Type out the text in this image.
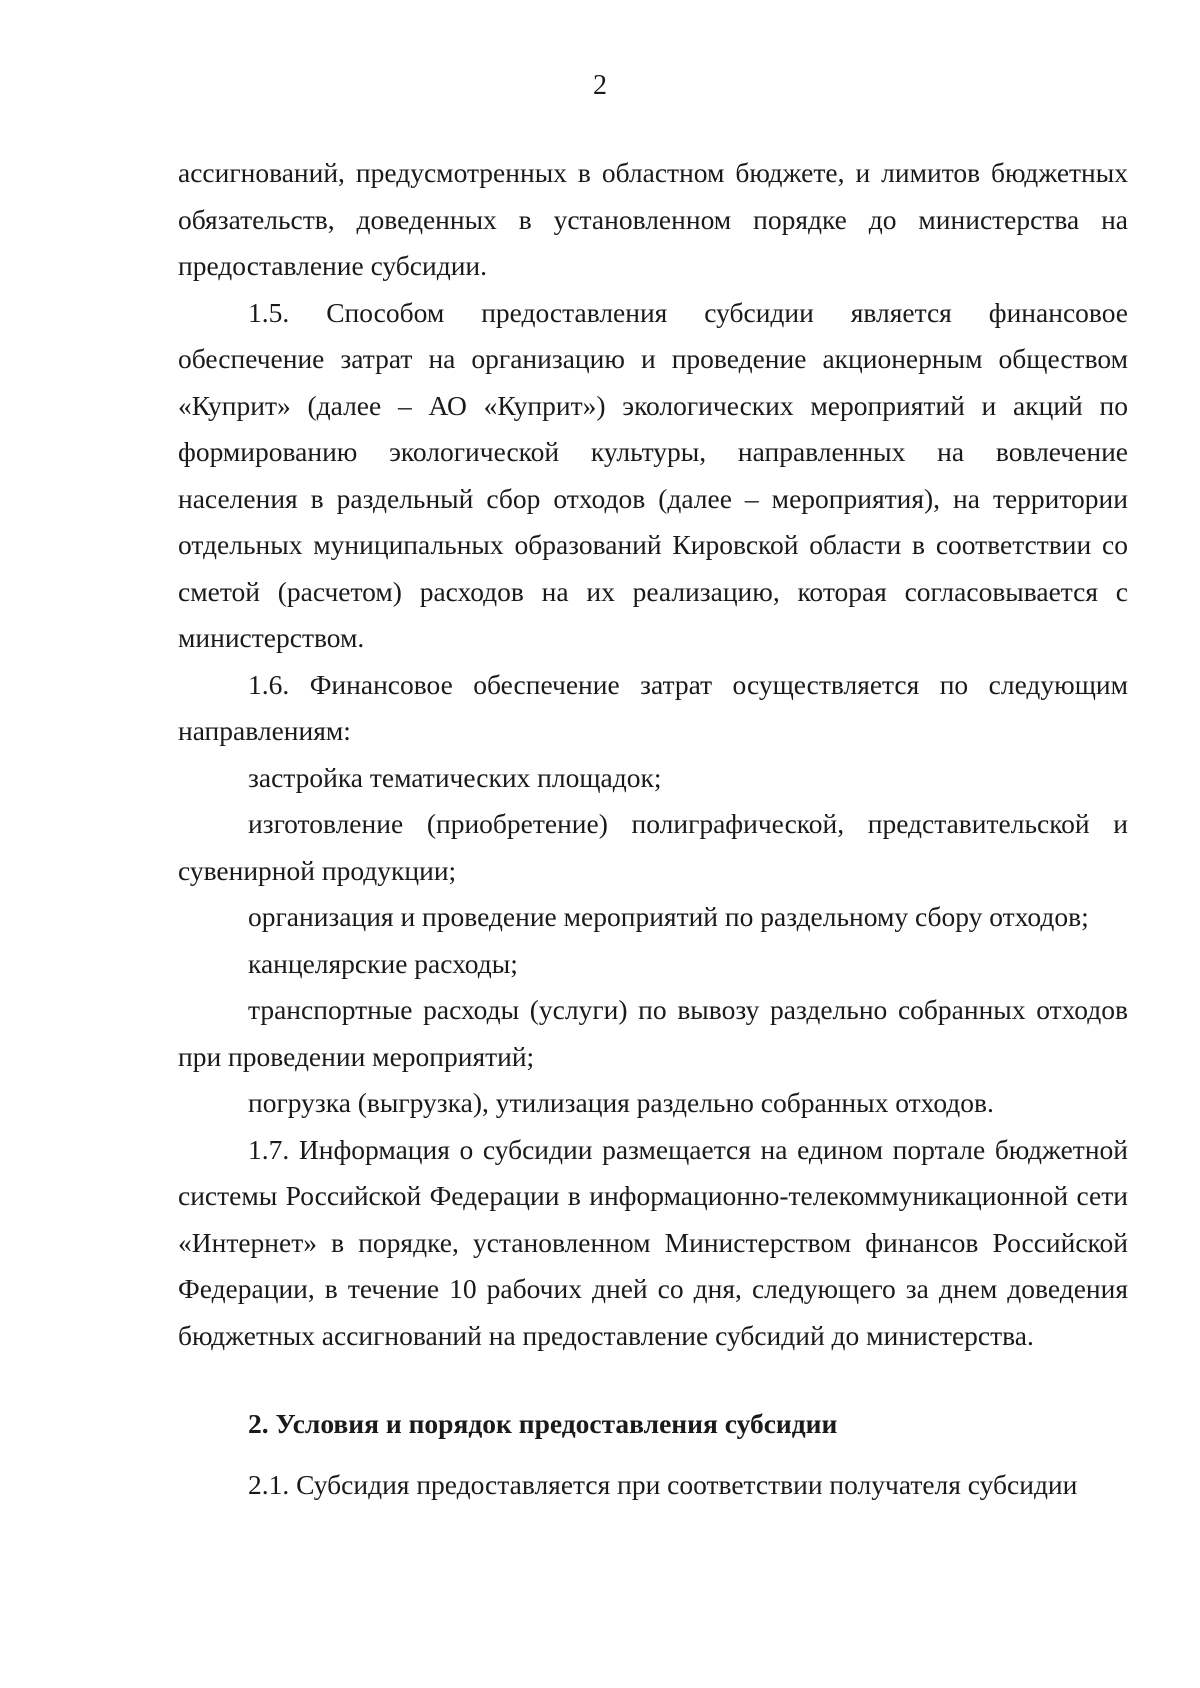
2

ассигнований, предусмотренных в областном бюджете, и лимитов бюджетных обязательств, доведенных в установленном порядке до министерства на предоставление субсидии.

1.5. Способом предоставления субсидии является финансовое обеспечение затрат на организацию и проведение акционерным обществом «Куприт» (далее – АО «Куприт») экологических мероприятий и акций по формированию экологической культуры, направленных на вовлечение населения в раздельный сбор отходов (далее – мероприятия), на территории отдельных муниципальных образований Кировской области в соответствии со сметой (расчетом) расходов на их реализацию, которая согласовывается с министерством.

1.6. Финансовое обеспечение затрат осуществляется по следующим направлениям:

застройка тематических площадок;

изготовление (приобретение) полиграфической, представительской и сувенирной продукции;

организация и проведение мероприятий по раздельному сбору отходов;

канцелярские расходы;

транспортные расходы (услуги) по вывозу раздельно собранных отходов при проведении мероприятий;

погрузка (выгрузка), утилизация раздельно собранных отходов.

1.7. Информация о субсидии размещается на едином портале бюджетной системы Российской Федерации в информационно-телекоммуникационной сети «Интернет» в порядке, установленном Министерством финансов Российской Федерации, в течение 10 рабочих дней со дня, следующего за днем доведения бюджетных ассигнований на предоставление субсидий до министерства.

2. Условия и порядок предоставления субсидии

2.1. Субсидия предоставляется при соответствии получателя субсидии
